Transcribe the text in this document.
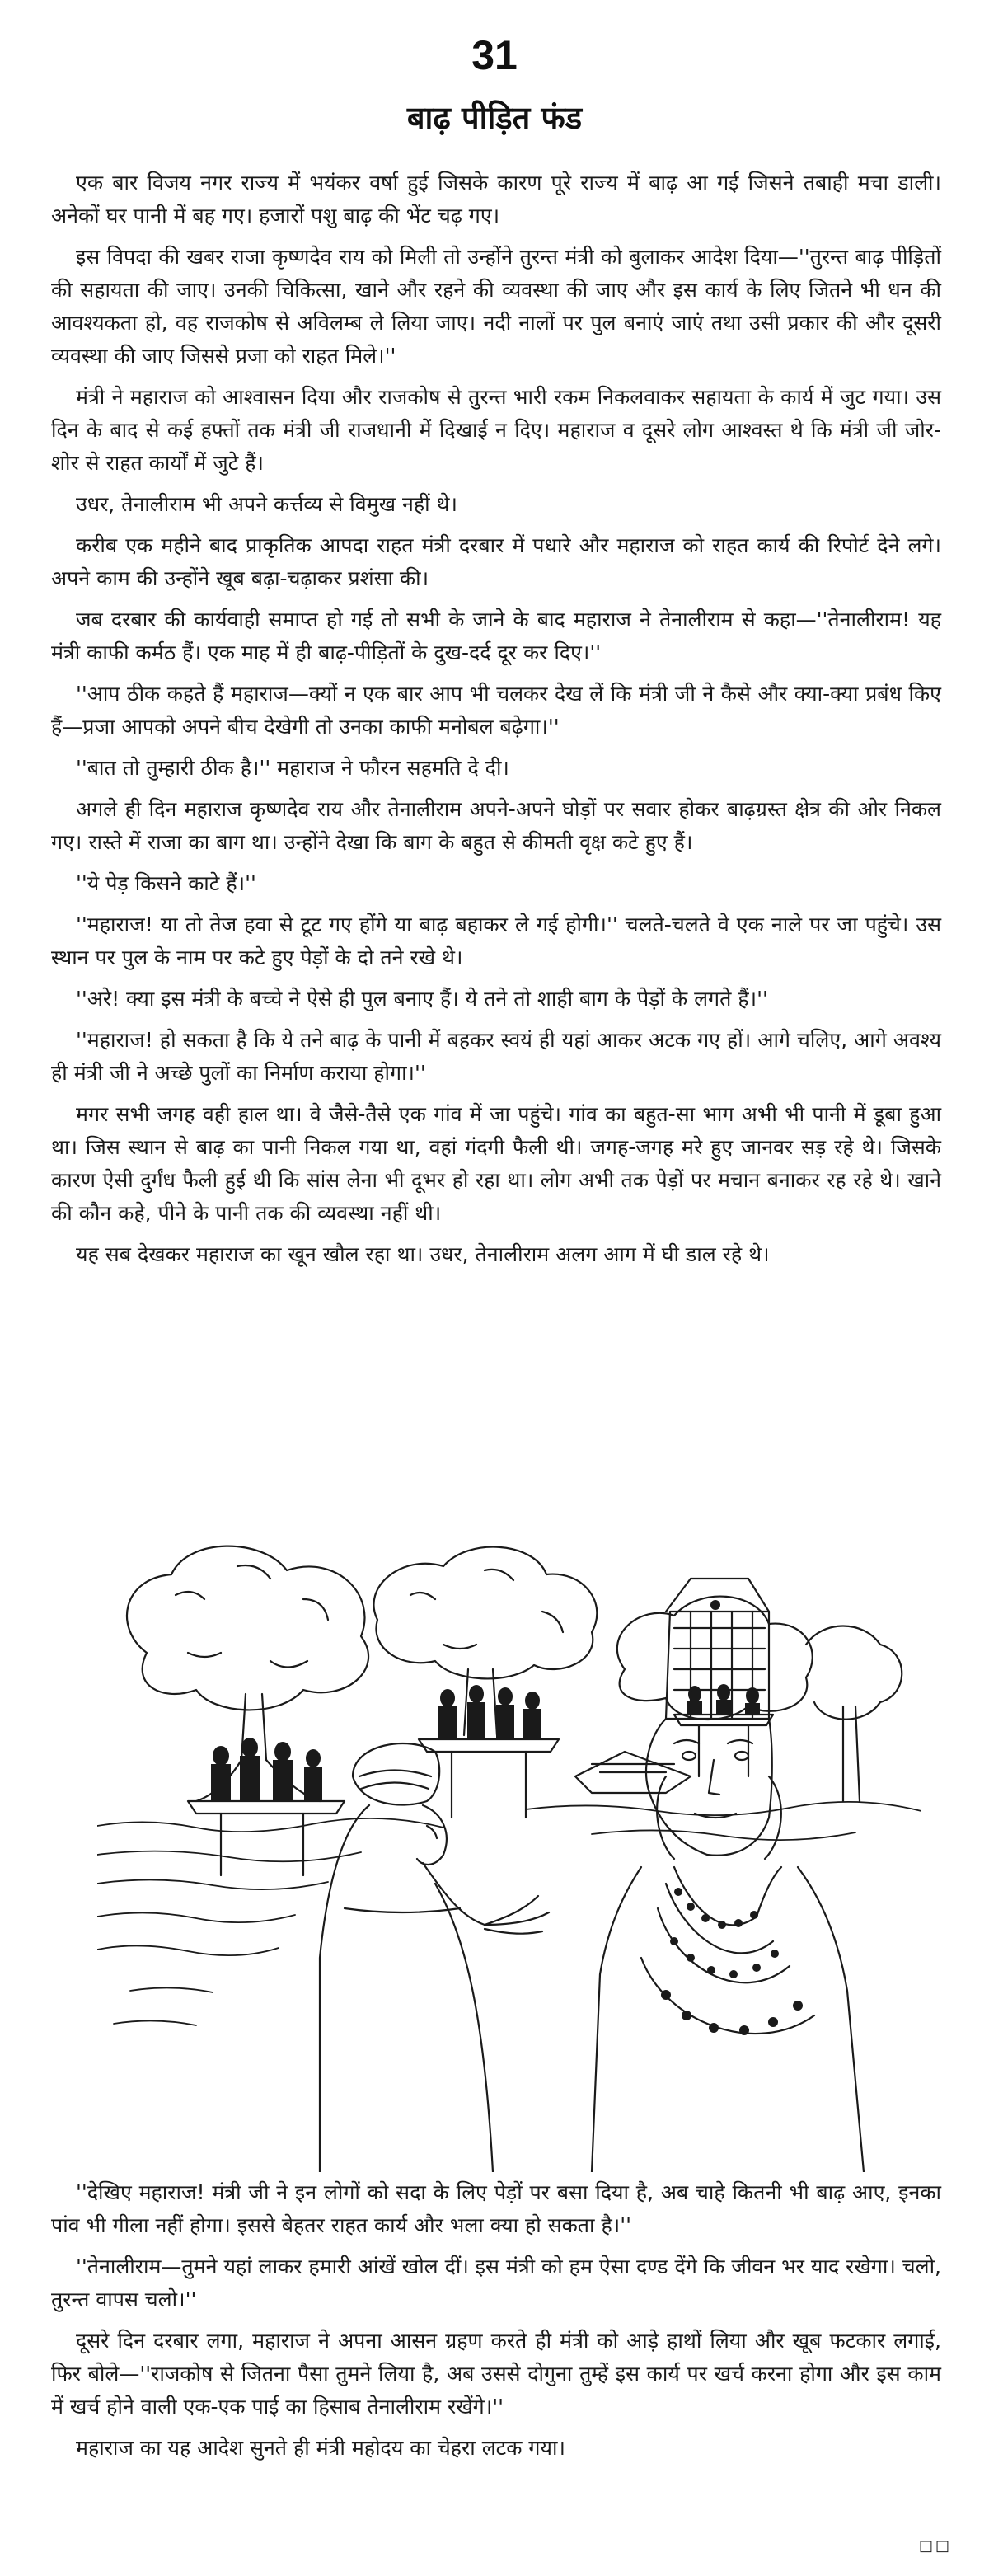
31
बाढ़ पीड़ित फंड

एक बार विजय नगर राज्य में भयंकर वर्षा हुई जिसके कारण पूरे राज्य में बाढ़ आ गई जिसने तबाही मचा डाली। अनेकों घर पानी में बह गए। हजारों पशु बाढ़ की भेंट चढ़ गए।

इस विपदा की खबर राजा कृष्णदेव राय को मिली तो उन्होंने तुरन्त मंत्री को बुलाकर आदेश दिया—''तुरन्त बाढ़ पीड़ितों की सहायता की जाए। उनकी चिकित्सा, खाने और रहने की व्यवस्था की जाए और इस कार्य के लिए जितने भी धन की आवश्यकता हो, वह राजकोष से अविलम्ब ले लिया जाए। नदी नालों पर पुल बनाएं जाएं तथा उसी प्रकार की और दूसरी व्यवस्था की जाए जिससे प्रजा को राहत मिले।''

मंत्री ने महाराज को आश्वासन दिया और राजकोष से तुरन्त भारी रकम निकलवाकर सहायता के कार्य में जुट गया। उस दिन के बाद से कई हफ्तों तक मंत्री जी राजधानी में दिखाई न दिए। महाराज व दूसरे लोग आश्वस्त थे कि मंत्री जी जोर-शोर से राहत कार्यों में जुटे हैं।

उधर, तेनालीराम भी अपने कर्त्तव्य से विमुख नहीं थे।

करीब एक महीने बाद प्राकृतिक आपदा राहत मंत्री दरबार में पधारे और महाराज को राहत कार्य की रिपोर्ट देने लगे। अपने काम की उन्होंने खूब बढ़ा-चढ़ाकर प्रशंसा की।

जब दरबार की कार्यवाही समाप्त हो गई तो सभी के जाने के बाद महाराज ने तेनालीराम से कहा—''तेनालीराम! यह मंत्री काफी कर्मठ हैं। एक माह में ही बाढ़-पीड़ितों के दुख-दर्द दूर कर दिए।''

''आप ठीक कहते हैं महाराज—क्यों न एक बार आप भी चलकर देख लें कि मंत्री जी ने कैसे और क्या-क्या प्रबंध किए हैं—प्रजा आपको अपने बीच देखेगी तो उनका काफी मनोबल बढ़ेगा।''

''बात तो तुम्हारी ठीक है।'' महाराज ने फौरन सहमति दे दी।

अगले ही दिन महाराज कृष्णदेव राय और तेनालीराम अपने-अपने घोड़ों पर सवार होकर बाढ़ग्रस्त क्षेत्र की ओर निकल गए। रास्ते में राजा का बाग था। उन्होंने देखा कि बाग के बहुत से कीमती वृक्ष कटे हुए हैं।

''ये पेड़ किसने काटे हैं।''

''महाराज! या तो तेज हवा से टूट गए होंगे या बाढ़ बहाकर ले गई होगी।'' चलते-चलते वे एक नाले पर जा पहुंचे। उस स्थान पर पुल के नाम पर कटे हुए पेड़ों के दो तने रखे थे।

''अरे! क्या इस मंत्री के बच्चे ने ऐसे ही पुल बनाए हैं। ये तने तो शाही बाग के पेड़ों के लगते हैं।''

''महाराज! हो सकता है कि ये तने बाढ़ के पानी में बहकर स्वयं ही यहां आकर अटक गए हों। आगे चलिए, आगे अवश्य ही मंत्री जी ने अच्छे पुलों का निर्माण कराया होगा।''

मगर सभी जगह वही हाल था। वे जैसे-तैसे एक गांव में जा पहुंचे। गांव का बहुत-सा भाग अभी भी पानी में डूबा हुआ था। जिस स्थान से बाढ़ का पानी निकल गया था, वहां गंदगी फैली थी। जगह-जगह मरे हुए जानवर सड़ रहे थे। जिसके कारण ऐसी दुर्गंध फैली हुई थी कि सांस लेना भी दूभर हो रहा था। लोग अभी तक पेड़ों पर मचान बनाकर रह रहे थे। खाने की कौन कहे, पीने के पानी तक की व्यवस्था नहीं थी।

यह सब देखकर महाराज का खून खौल रहा था। उधर, तेनालीराम अलग आग में घी डाल रहे थे।

''देखिए महाराज! मंत्री जी ने इन लोगों को सदा के लिए पेड़ों पर बसा दिया है, अब चाहे कितनी भी बाढ़ आए, इनका पांव भी गीला नहीं होगा। इससे बेहतर राहत कार्य और भला क्या हो सकता है।''

''तेनालीराम—तुमने यहां लाकर हमारी आंखें खोल दीं। इस मंत्री को हम ऐसा दण्ड देंगे कि जीवन भर याद रखेगा। चलो, तुरन्त वापस चलो।''

दूसरे दिन दरबार लगा, महाराज ने अपना आसन ग्रहण करते ही मंत्री को आड़े हाथों लिया और खूब फटकार लगाई, फिर बोले—''राजकोष से जितना पैसा तुमने लिया है, अब उससे दोगुना तुम्हें इस कार्य पर खर्च करना होगा और इस काम में खर्च होने वाली एक-एक पाई का हिसाब तेनालीराम रखेंगे।''

महाराज का यह आदेश सुनते ही मंत्री महोदय का चेहरा लटक गया।

□□
